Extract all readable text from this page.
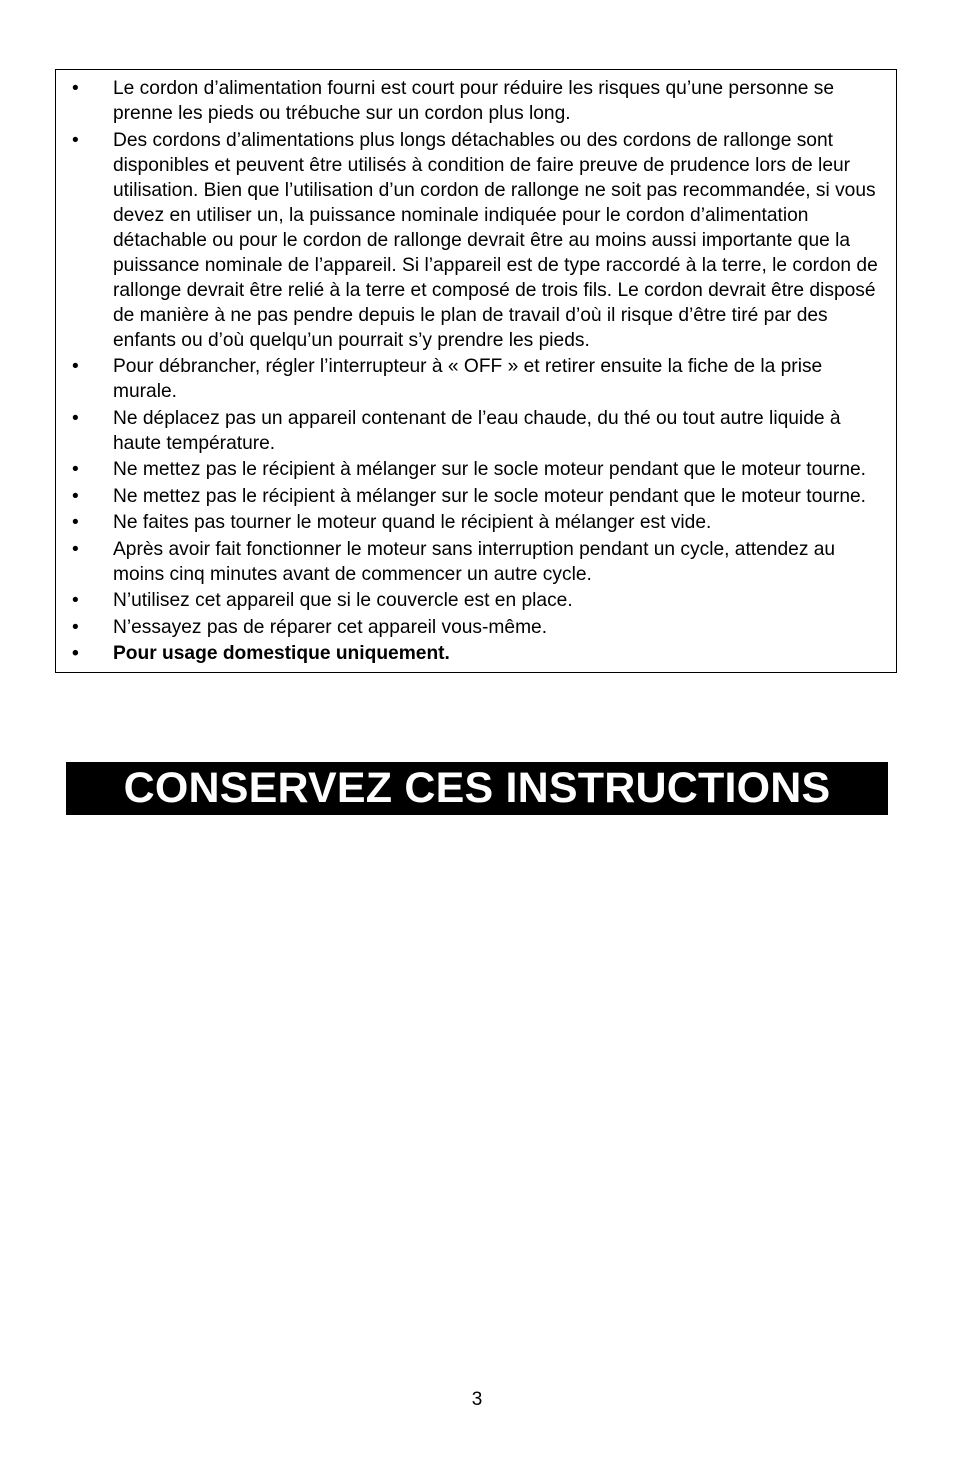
•	Le cordon d’alimentation fourni est court pour réduire les risques qu’une personne se prenne les pieds ou trébuche sur un cordon plus long.
•	Des cordons d’alimentations plus longs détachables ou des cordons de rallonge sont disponibles et peuvent être utilisés à condition de faire preuve de prudence lors de leur utilisation. Bien que l’utilisation d’un cordon de rallonge ne soit pas recommandée, si vous devez en utiliser un, la puissance nominale indiquée pour le cordon d’alimentation détachable ou pour le cordon de rallonge devrait être au moins aussi importante que la puissance nominale de l’appareil. Si l’appareil est de type raccordé à la terre, le cordon de rallonge devrait être relié à la terre et composé de trois fils. Le cordon devrait être disposé de manière à ne pas pendre depuis le plan de travail d’où il risque d’être tiré par des enfants ou d’où quelqu’un pourrait s’y prendre les pieds.
•	Pour débrancher, régler l’interrupteur à « OFF » et retirer ensuite la fiche de la prise murale.
•	Ne déplacez pas un appareil contenant de l’eau chaude, du thé ou tout autre liquide à haute température.
•	Ne mettez pas le récipient à mélanger sur le socle moteur pendant que le moteur tourne.
•	Ne mettez pas le récipient à mélanger sur le socle moteur pendant que le moteur tourne.
•	Ne faites pas tourner le moteur quand le récipient à mélanger est vide.
•	Après avoir fait fonctionner le moteur sans interruption pendant un cycle, attendez au moins cinq minutes avant de commencer un autre cycle.
•	N’utilisez cet appareil que si le couvercle est en place.
•	N’essayez pas de réparer cet appareil vous-même.
•	Pour usage domestique uniquement.
CONSERVEZ CES INSTRUCTIONS
3
